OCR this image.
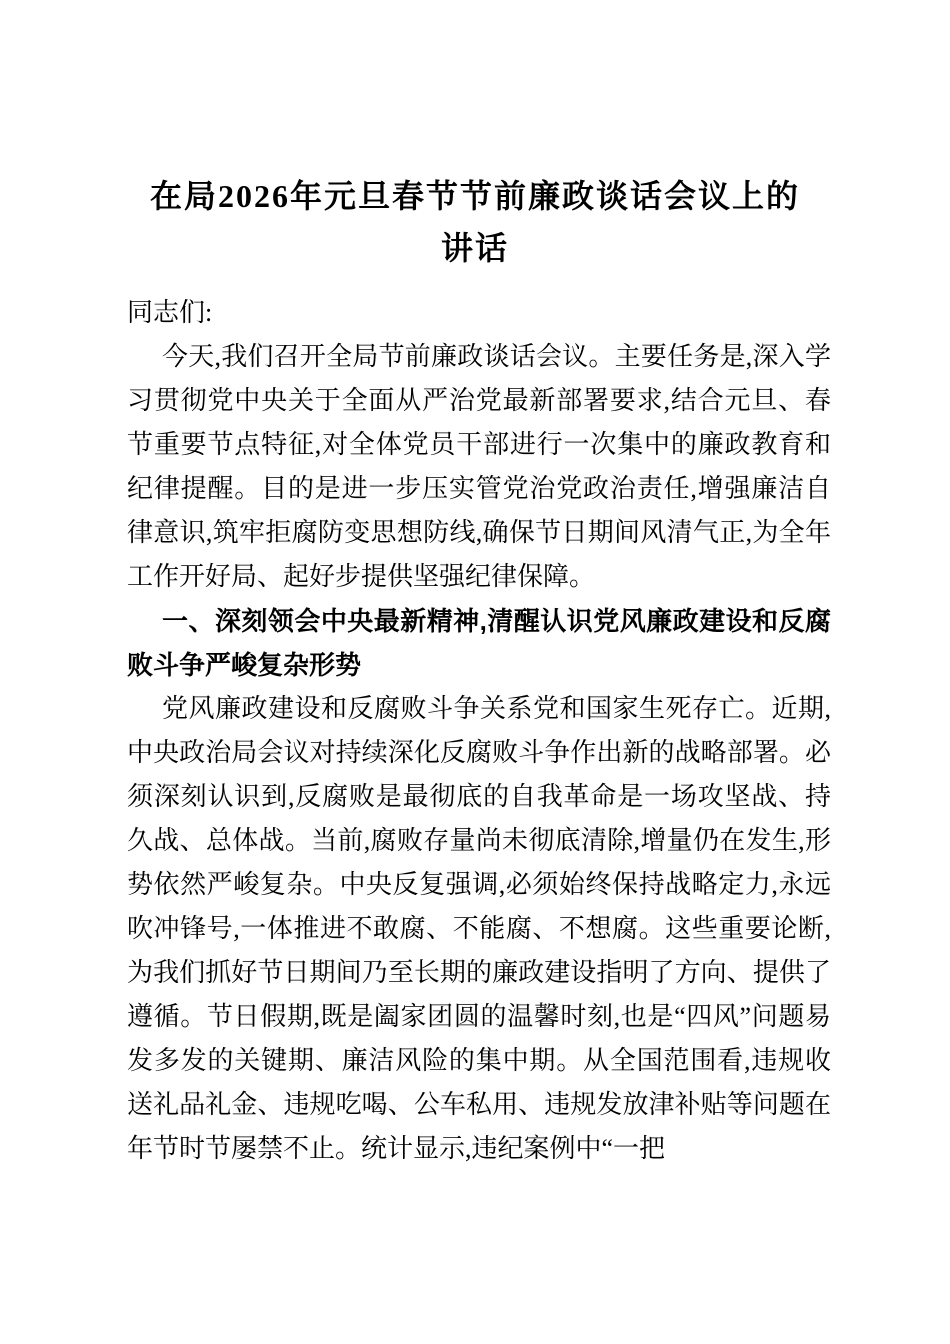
在局2026年元旦春节节前廉政谈话会议上的讲话

同志们:

今天,我们召开全局节前廉政谈话会议。主要任务是,深入学习贯彻党中央关于全面从严治党最新部署要求,结合元旦、春节重要节点特征,对全体党员干部进行一次集中的廉政教育和纪律提醒。目的是进一步压实管党治党政治责任,增强廉洁自律意识,筑牢拒腐防变思想防线,确保节日期间风清气正,为全年工作开好局、起好步提供坚强纪律保障。

一、深刻领会中央最新精神,清醒认识党风廉政建设和反腐败斗争严峻复杂形势

党风廉政建设和反腐败斗争关系党和国家生死存亡。近期,中央政治局会议对持续深化反腐败斗争作出新的战略部署。必须深刻认识到,反腐败是最彻底的自我革命是一场攻坚战、持久战、总体战。当前,腐败存量尚未彻底清除,增量仍在发生,形势依然严峻复杂。中央反复强调,必须始终保持战略定力,永远吹冲锋号,一体推进不敢腐、不能腐、不想腐。这些重要论断,为我们抓好节日期间乃至长期的廉政建设指明了方向、提供了遵循。节日假期,既是阖家团圆的温馨时刻,也是“四风”问题易发多发的关键期、廉洁风险的集中期。从全国范围看,违规收送礼品礼金、违规吃喝、公车私用、违规发放津补贴等问题在年节时节屡禁不止。统计显示,违纪案例中“一把
